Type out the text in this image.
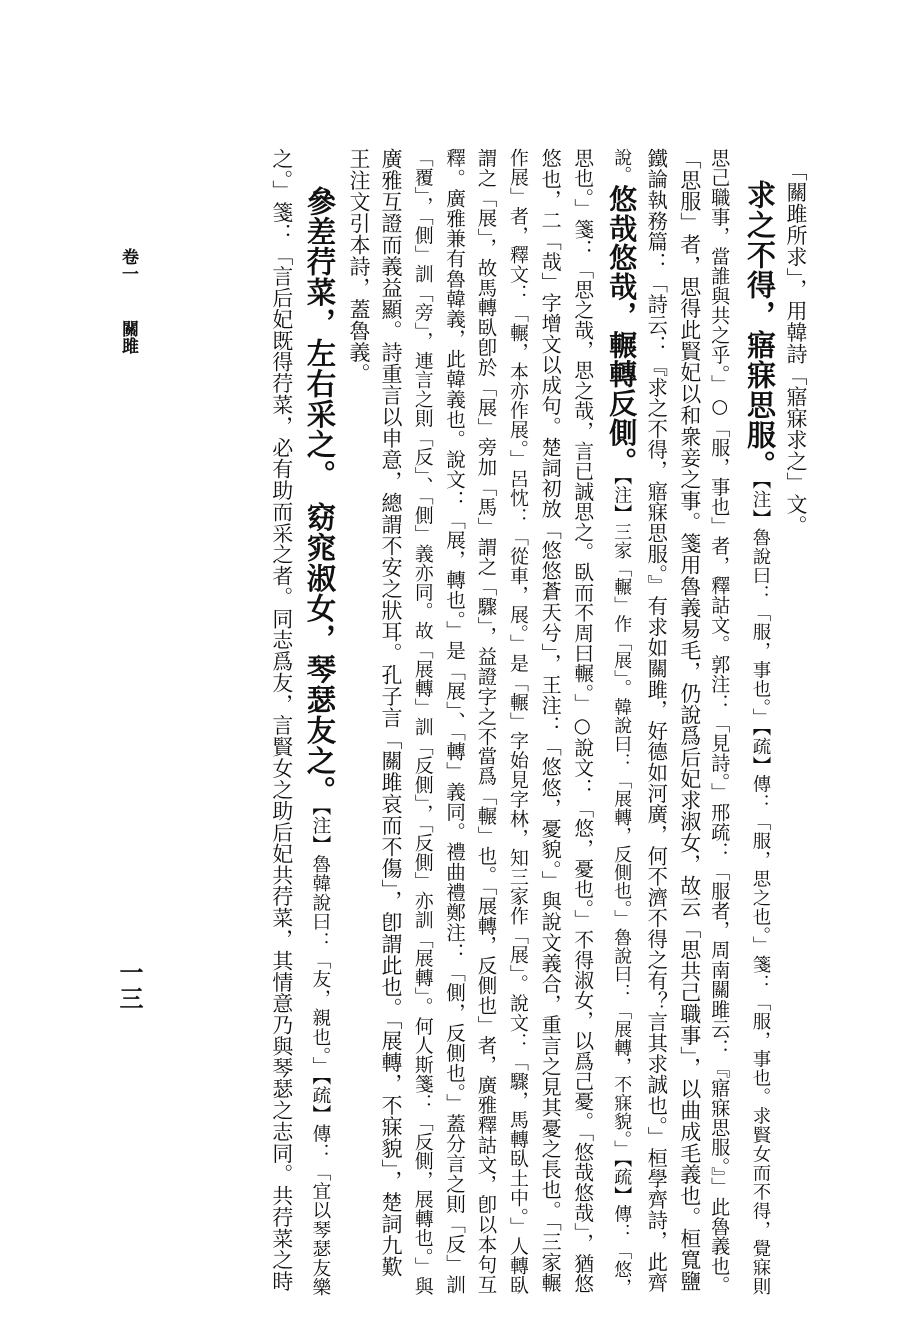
「關雎所求」，用韓詩「寤寐求之」文。
求之不得，寤寐思服。【注】魯說曰：「服，事也。」【疏】傳：「服，思之也。」箋：「服，事也。求賢女而不得，覺寐則
思己職事，當誰與共之乎。」○「服，事也」者，釋詁文。郭注：「見詩。」邢疏：「服者，周南關雎云：『寤寐思服。』」此魯義也。
「思服」者，思得此賢妃以和衆妾之事。箋用魯義易毛，仍說爲后妃求淑女，故云「思共己職事」，以曲成毛義也。桓寬鹽
鐵論執務篇：「詩云：『求之不得，寤寐思服。』有求如關雎，好德如河廣，何不濟不得之有？言其求誠也。」桓學齊詩，此齊
說。悠哉悠哉，輾轉反側。【注】三家「輾」作「展」。韓說曰：「展轉，反側也。」魯說曰：「展轉，不寐貌。」【疏】傳：「悠，
思也。」箋：「思之哉，思之哉，言已誠思之。臥而不周曰輾。」○說文：「悠，憂也。」不得淑女，以爲己憂。「悠哉悠哉」，猶悠
悠也，二「哉」字增文以成句。楚詞初放「悠悠蒼天兮」，王注：「悠悠，憂貌。」與說文義合，重言之見其憂之長也。「三家輾
作展」者，釋文：「輾，本亦作展。」呂忱：「從車，展。」是「輾」字始見字林，知三家作「展」。說文：「驟，馬轉臥土中。」人轉臥
謂之「展」，故馬轉臥卽於「展」旁加「馬」謂之「驟」，益證字之不當爲「輾」也。「展轉，反側也」者，廣雅釋詁文，卽以本句互
釋。廣雅兼有魯韓義，此韓義也。說文：「展，轉也。」是「展」、「轉」義同。禮曲禮鄭注：「側，反側也。」蓋分言之則「反」訓
「覆」，「側」訓「旁」，連言之則「反」、「側」義亦同。故「展轉」訓「反側」，「反側」亦訓「展轉」。何人斯箋：「反側，展轉也。」與
廣雅互證而義益顯。詩重言以申意，總謂不安之狀耳。孔子言「關雎哀而不傷」，卽謂此也。「展轉，不寐貌」，楚詞九歎
王注文引本詩，蓋魯義。
參差荇菜，左右采之。窈窕淑女，琴瑟友之。【注】魯韓說曰：「友，親也。」【疏】傳：「宜以琴瑟友樂
之。」箋：「言后妃既得荇菜，必有助而采之者。同志爲友，言賢女之助后妃共荇菜，其情意乃與琴瑟之志同。共荇菜之時
卷一
關雎
一三
